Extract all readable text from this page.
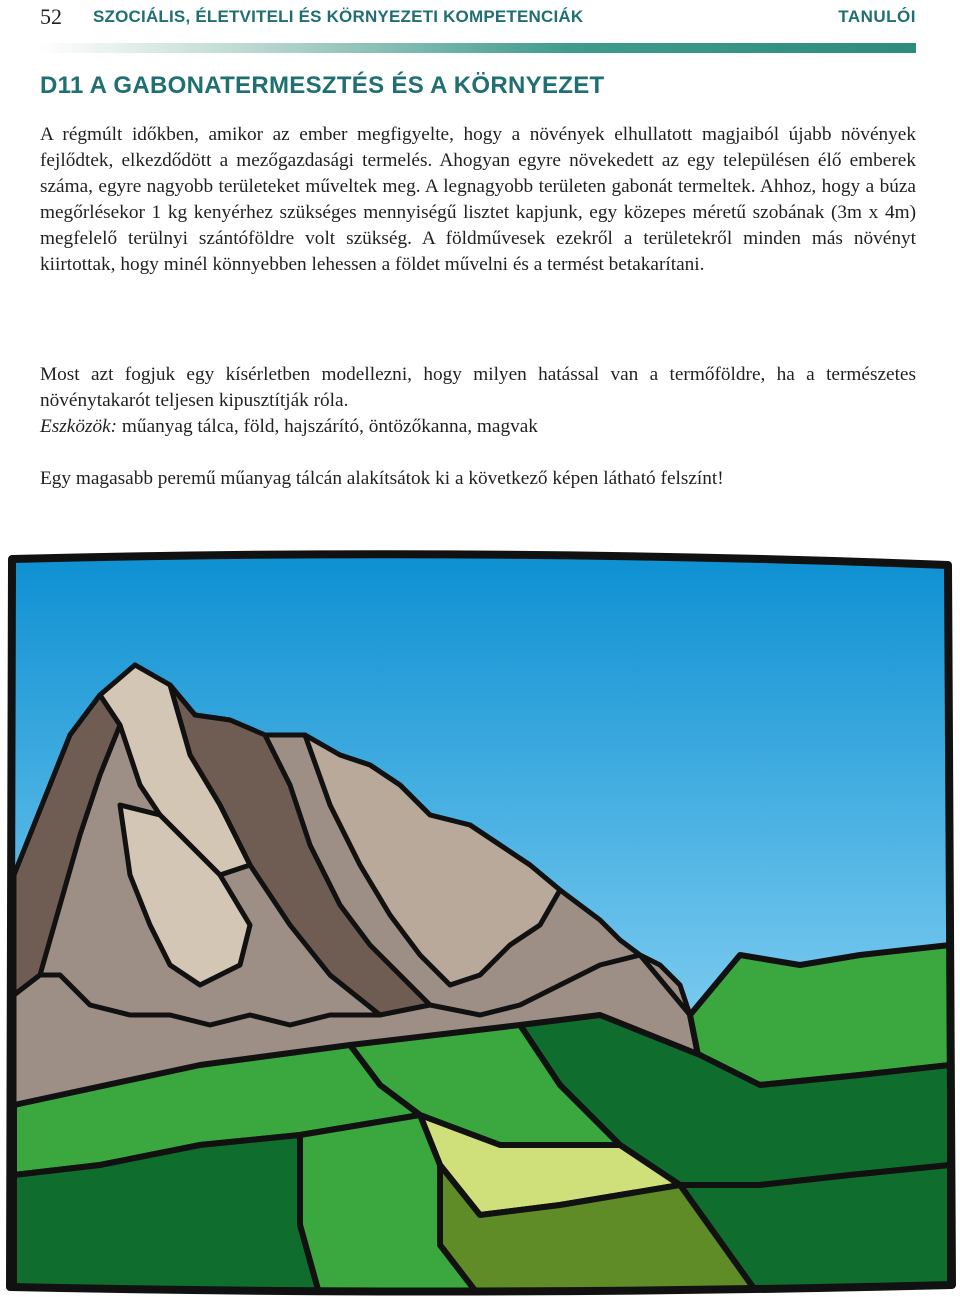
52 SZOCIÁLIS, ÉLETVITELI ÉS KÖRNYEZETI KOMPETENCIÁK	TANULÓI
D11 A GABONATERMESZTÉS ÉS A KÖRNYEZET

A régmúlt időkben, amikor az ember megfigyelte, hogy a növények elhullatott magjaiból újabb növények fejlődtek, elkezdődött a mezőgazdasági termelés. Ahogyan egyre növekedett az egy településen élő emberek száma, egyre nagyobb területeket műveltek meg. A legnagyobb területen gabonát termeltek. Ahhoz, hogy a búza megőrlésekor 1 kg kenyérhez szükséges mennyiségű lisztet kapjunk, egy közepes méretű szobának (3m x 4m) megfelelő terülnyi szántóföldre volt szükség. A földművesek ezekről a területekről minden más növényt kiirtottak, hogy minél könnyebben lehessen a földet művelni és a termést betakarítani.

Most azt fogjuk egy kísérletben modellezni, hogy milyen hatással van a termőföldre, ha a természetes növénytakarót teljesen kipusztítják róla.

Eszközök: műanyag tálca, föld, hajszárító, öntözőkanna, magvak

Egy magasabb peremű műanyag tálcán alakítsátok ki a következő képen látható felszínt!
